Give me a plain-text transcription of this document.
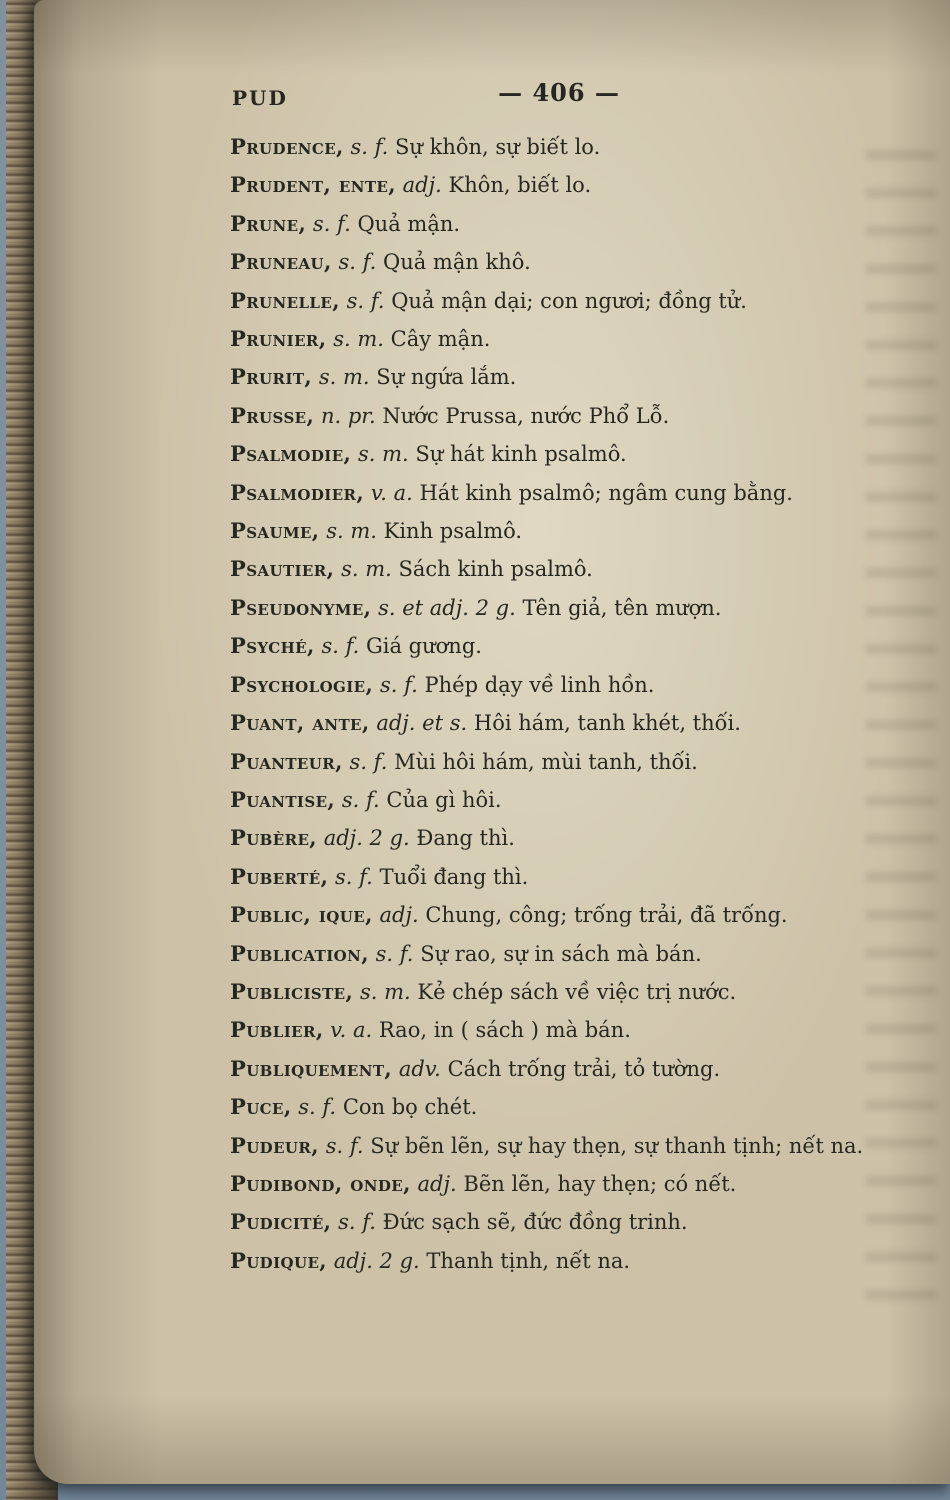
PUD	— 406 —

Prudence, s. f. Sự khôn, sự biết lo.

Prudent, ente, adj. Khôn, biết lo.

Prune, s. f. Quả mận.

Pruneau, s. f. Quả mận khô.

Prunelle, s. f. Quả mận dại; con ngươi; đồng tử.

Prunier, s. m. Cây mận.

Prurit, s. m. Sự ngứa lắm.

Prusse, n. pr. Nước Prussa, nước Phổ Lỗ.

Psalmodie, s. m. Sự hát kinh psalmô.

Psalmodier, v. a. Hát kinh psalmô; ngâm cung bằng.

Psaume, s. m. Kinh psalmô.

Psautier, s. m. Sách kinh psalmô.

Pseudonyme, s. et adj. 2 g. Tên giả, tên mượn.

Psyché, s. f. Giá gương.

Psychologie, s. f. Phép dạy về linh hồn.

Puant, ante, adj. et s. Hôi hám, tanh khét, thối.

Puanteur, s. f. Mùi hôi hám, mùi tanh, thối.

Puantise, s. f. Của gì hôi.

Pubère, adj. 2 g. Đang thì.

Puberté, s. f. Tuổi đang thì.

Public, ique, adj. Chung, công; trống trải, đã trống.

Publication, s. f. Sự rao, sự in sách mà bán.

Publiciste, s. m. Kẻ chép sách về việc trị nước.

Publier, v. a. Rao, in ( sách ) mà bán.

Publiquement, adv. Cách trống trải, tỏ tường.

Puce, s. f. Con bọ chét.

Pudeur, s. f. Sự bẽn lẽn, sự hay thẹn, sự thanh tịnh; nết na.

Pudibond, onde, adj. Bẽn lẽn, hay thẹn; có nết.

Pudicité, s. f. Đức sạch sẽ, đức đồng trinh.

Pudique, adj. 2 g. Thanh tịnh, nết na.
